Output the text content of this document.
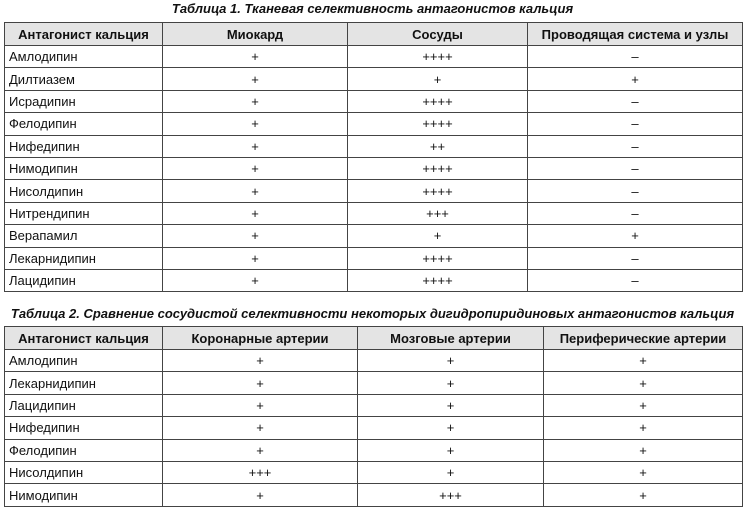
Таблица 1. Тканевая селективность антагонистов кальция
Антагонист кальция	Миокард	Сосуды	Проводящая система и узлы
Амлодипин	+	++++	–
Дилтиазем	+	+	+
Исрадипин	+	++++	–
Фелодипин	+	++++	–
Нифедипин	+	++	–
Нимодипин	+	++++	–
Нисолдипин	+	++++	–
Нитрендипин	+	+++	–
Верапамил	+	+	+
Лекарнидипин	+	++++	–
Лацидипин	+	++++	–
Таблица 2. Сравнение сосудистой селективности некоторых дигидропиридиновых антагонистов кальция
Антагонист кальция	Коронарные артерии	Мозговые артерии	Периферические артерии
Амлодипин	+	+	+
Лекарнидипин	+	+	+
Лацидипин	+	+	+
Нифедипин	+	+	+
Фелодипин	+	+	+
Нисолдипин	+++	+	+
Нимодипин	+	+++	+
